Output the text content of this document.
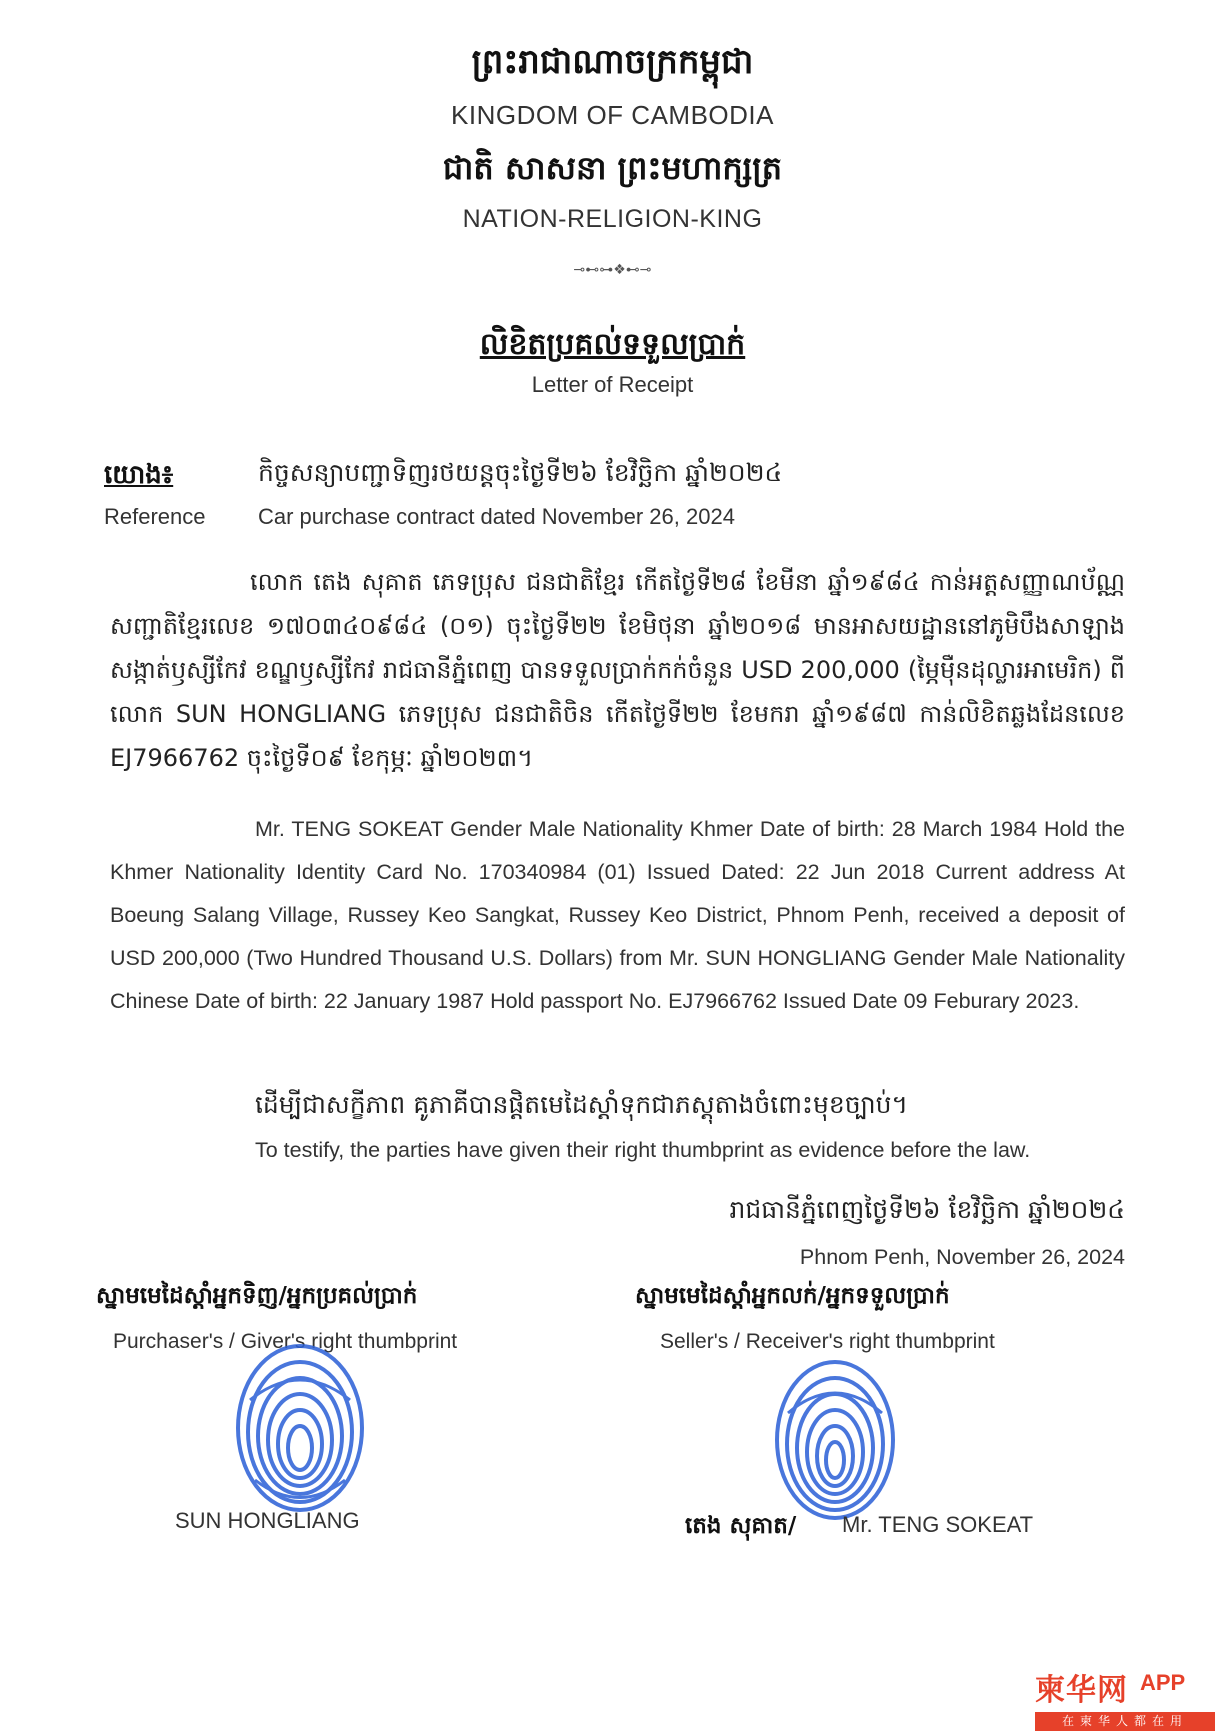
ព្រះរាជាណាចក្រកម្ពុជា
KINGDOM OF CAMBODIA
ជាតិ សាសនា ព្រះមហាក្សត្រ
NATION-RELIGION-KING
⊸⊷⊶❖⊷⊸
លិខិតប្រគល់ទទួលប្រាក់
Letter of Receipt
យោង៖	កិច្ចសន្យាបញ្ជាទិញរថយន្តចុះថ្ងៃទី២៦ ខែវិច្ឆិកា ឆ្នាំ២០២៤
Reference Car purchase contract dated November 26, 2024
លោក តេង សុគាត ភេទប្រុស ជនជាតិខ្មែរ កើតថ្ងៃទី២៨ ខែមីនា ឆ្នាំ១៩៨៤ កាន់អត្តសញ្ញាណប័ណ្ណសញ្ជាតិខ្មែរលេខ ១៧០៣៤០៩៨៤ (០១) ចុះថ្ងៃទី២២ ខែមិថុនា ឆ្នាំ២០១៨ មានអាសយដ្ឋាននៅភូមិបឹងសាឡាង សង្កាត់ឫស្សីកែវ ខណ្ឌឫស្សីកែវ រាជធានីភ្នំពេញ បានទទួលប្រាក់កក់ចំនួន USD 200,000 (ម្ភៃម៉ឺនដុល្លារអាមេរិក) ពី លោក SUN HONGLIANG ភេទប្រុស ជនជាតិចិន កើតថ្ងៃទី២២ ខែមករា ឆ្នាំ១៩៨៧ កាន់លិខិតឆ្លងដែនលេខ EJ7966762 ចុះថ្ងៃទី០៩ ខែកុម្ភៈ ឆ្នាំ២០២៣។
Mr. TENG SOKEAT Gender Male Nationality Khmer Date of birth: 28 March 1984 Hold the Khmer Nationality Identity Card No. 170340984 (01) Issued Dated: 22 Jun 2018 Current address At Boeung Salang Village, Russey Keo Sangkat, Russey Keo District, Phnom Penh, received a deposit of USD 200,000 (Two Hundred Thousand U.S. Dollars) from Mr. SUN HONGLIANG Gender Male Nationality Chinese Date of birth: 22 January 1987 Hold passport No. EJ7966762 Issued Date 09 Feburary 2023.
ដើម្បីជាសក្ខីភាព គូភាគីបានផ្ដិតមេដៃស្ដាំទុកជាភស្តុតាងចំពោះមុខច្បាប់។
To testify, the parties have given their right thumbprint as evidence before the law.
រាជធានីភ្នំពេញថ្ងៃទី២៦ ខែវិច្ឆិកា ឆ្នាំ២០២៤
Phnom Penh, November 26, 2024
ស្នាមមេដៃស្ដាំអ្នកទិញ/អ្នកប្រគល់ប្រាក់
Purchaser's / Giver's right thumbprint
ស្នាមមេដៃស្ដាំអ្នកលក់/អ្នកទទួលប្រាក់
Seller's / Receiver's right thumbprint
SUN HONGLIANG	តេង សុគាត/ Mr. TENG SOKEAT
柬华网 APP
在柬华人都在用
